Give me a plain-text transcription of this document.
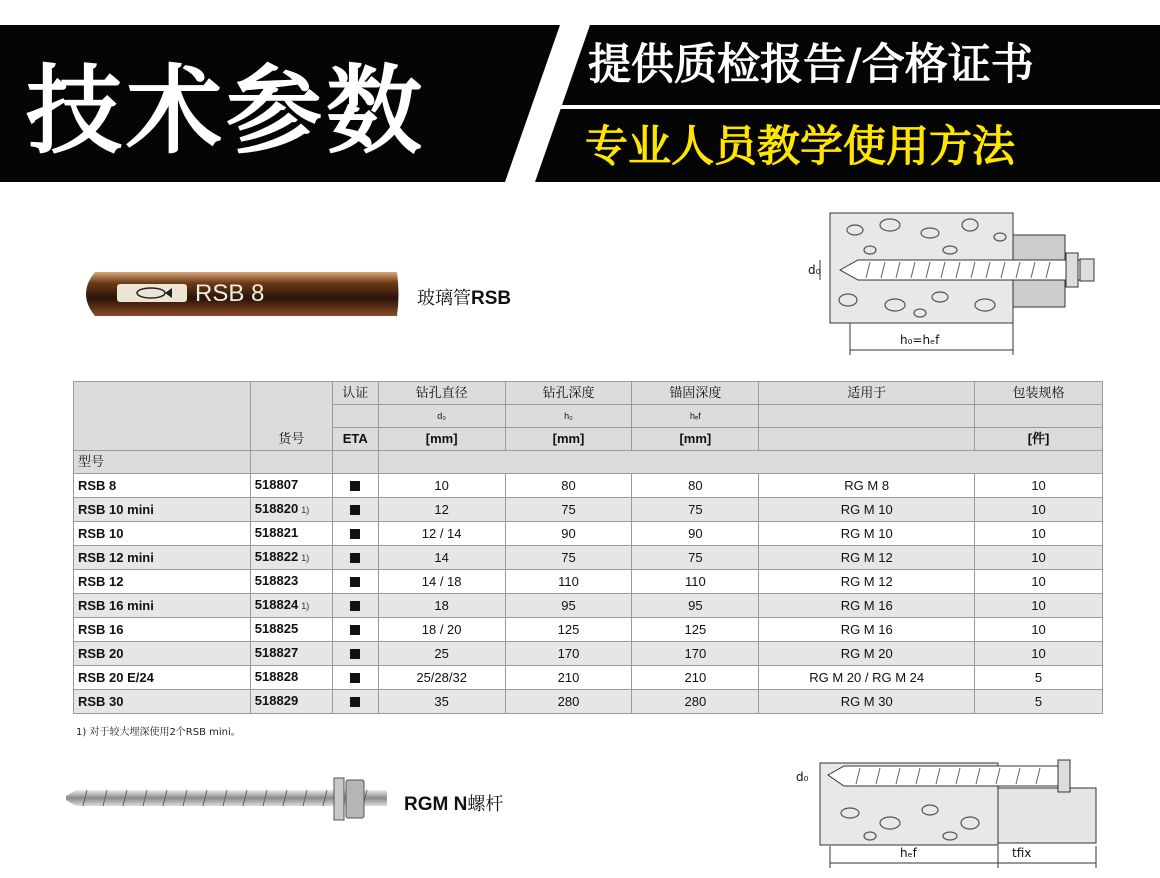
技术参数	提供质检报告/合格证书
专业人员教学使用方法
RSB 8	玻璃管RSB
d₀
h₀=hₑf
	货号	认证	钻孔直径	钻孔深度	锚固深度	适用于	包装规格
			d₀	h₀	hₑf		
		ETA	[mm]	[mm]	[mm]		[件]
型号							
RSB 8	518807		10	80	80	RG M 8	10
RSB 10 mini	518820 1)		12	75	75	RG M 10	10
RSB 10	518821		12 / 14	90	90	RG M 10	10
RSB 12 mini	518822 1)		14	75	75	RG M 12	10
RSB 12	518823		14 / 18	110	110	RG M 12	10
RSB 16 mini	518824 1)		18	95	95	RG M 16	10
RSB 16	518825		18 / 20	125	125	RG M 16	10
RSB 20	518827		25	170	170	RG M 20	10
RSB 20 E/24	518828		25/28/32	210	210	RG M 20 / RG M 24	5
RSB 30	518829		35	280	280	RG M 30	5
1) 对于较大埋深使用2个RSB mini。
RGM N螺杆
d₀
hₑf	tfix
